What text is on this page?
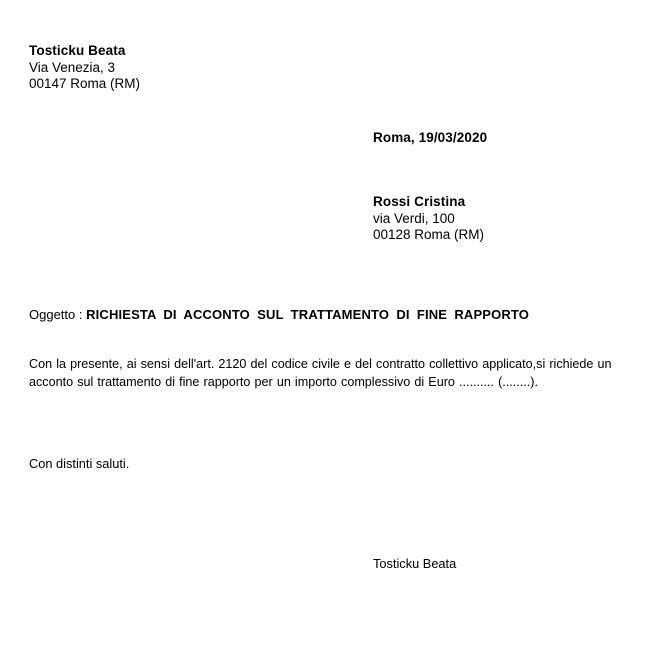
Tosticku Beata
Via Venezia, 3
00147 Roma (RM)
Roma, 19/03/2020
Rossi Cristina
via Verdi, 100
00128 Roma (RM)
Oggetto : RICHIESTA DI ACCONTO SUL TRATTAMENTO DI FINE RAPPORTO
Con la presente, ai sensi dell'art. 2120 del codice civile e del contratto collettivo applicato,si richiede un acconto sul trattamento di fine rapporto per un importo complessivo di Euro .......... (........).
Con distinti saluti.
Tosticku Beata
